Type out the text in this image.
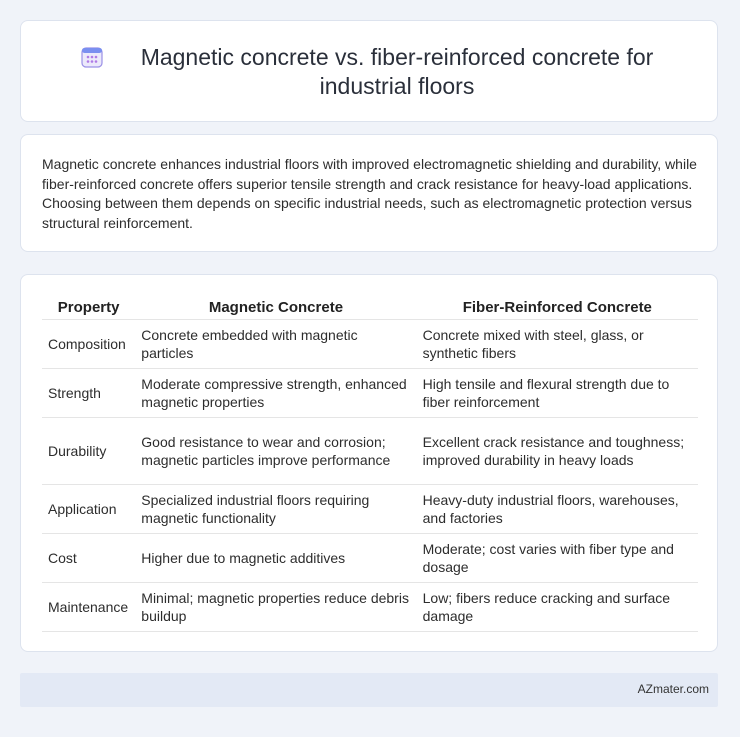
Magnetic concrete vs. fiber-reinforced concrete for industrial floors
Magnetic concrete enhances industrial floors with improved electromagnetic shielding and durability, while fiber-reinforced concrete offers superior tensile strength and crack resistance for heavy-load applications. Choosing between them depends on specific industrial needs, such as electromagnetic protection versus structural reinforcement.
Property	Magnetic Concrete	Fiber-Reinforced Concrete
Composition	Concrete embedded with magnetic particles	Concrete mixed with steel, glass, or synthetic fibers
Strength	Moderate compressive strength, enhanced magnetic properties	High tensile and flexural strength due to fiber reinforcement
Durability	Good resistance to wear and corrosion; magnetic particles improve performance	Excellent crack resistance and toughness; improved durability in heavy loads
Application	Specialized industrial floors requiring magnetic functionality	Heavy-duty industrial floors, warehouses, and factories
Cost	Higher due to magnetic additives	Moderate; cost varies with fiber type and dosage
Maintenance	Minimal; magnetic properties reduce debris buildup	Low; fibers reduce cracking and surface damage
AZmater.com
